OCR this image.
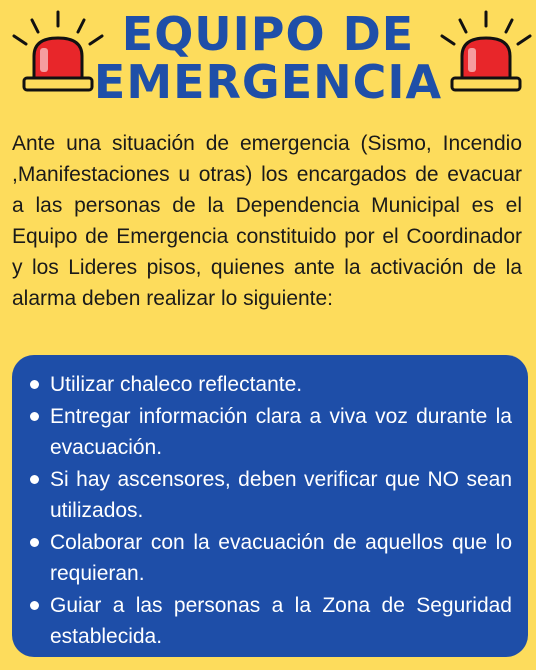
EQUIPO DE
EMERGENCIA
Ante una situación de emergencia (Sismo, Incendio ,Manifestaciones u otras) los encargados de evacuar a las personas de la Dependencia Municipal es el Equipo de Emergencia constituido por el Coordinador y los Lideres pisos, quienes ante la activación de la alarma deben realizar lo siguiente:
Utilizar chaleco reflectante.
Entregar información clara a viva voz durante la evacuación.
Si hay ascensores, deben verificar que NO sean utilizados.
Colaborar con la evacuación de aquellos que lo requieran.
Guiar a las personas a la Zona de Seguridad establecida.
